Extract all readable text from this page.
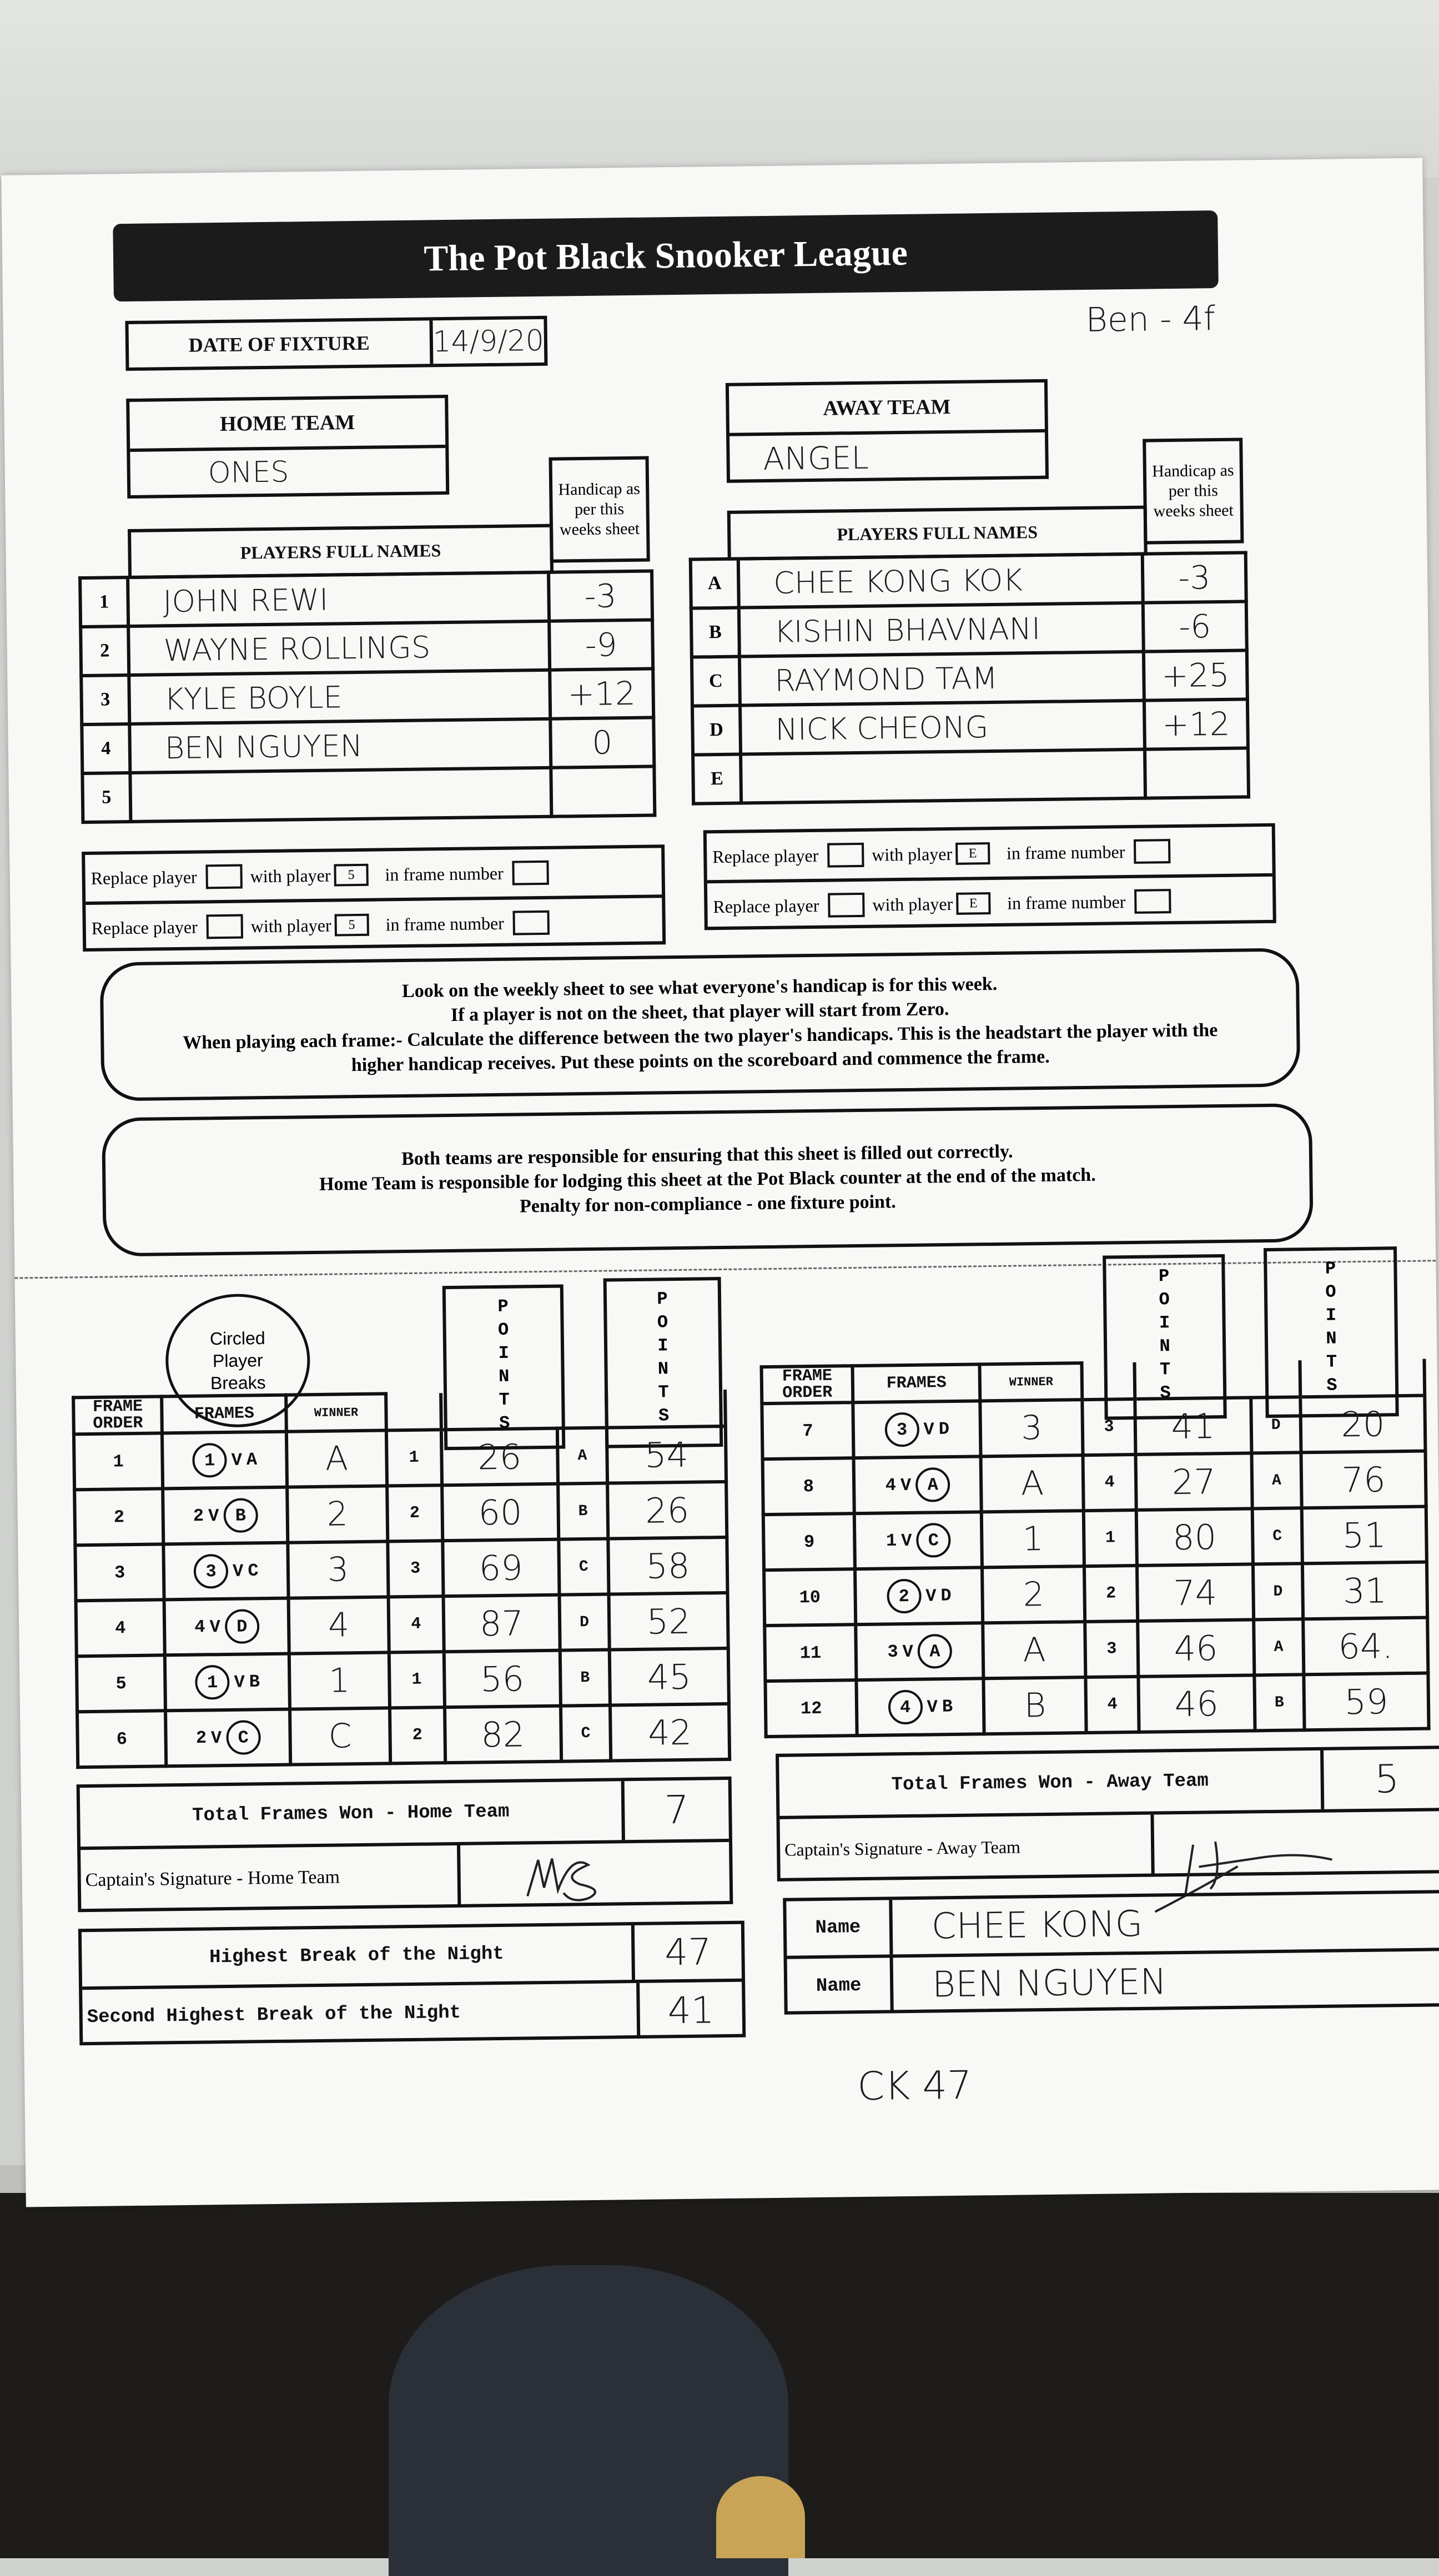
The Pot Black Snooker League
Ben - 4f
DATE OF FIXTURE	14/9/20
HOME TEAM
ONES
AWAY TEAM
ANGEL
Handicap as per this weeks sheet
PLAYERS FULL NAMES
1	JOHN REWI	-3
2	WAYNE ROLLINGS	-9
3	KYLE BOYLE	+12
4	BEN NGUYEN	0
5		
Handicap as per this weeks sheet
PLAYERS FULL NAMES
A	CHEE KONG KOK	-3
B	KISHIN BHAVNANI	-6
C	RAYMOND TAM	+25
D	NICK CHEONG	+12
E		
Replace player	with player	5	in frame number
Replace player	with player	5	in frame number
Replace player	with player	E	in frame number
Replace player	with player	E	in frame number
Look on the weekly sheet to see what everyone's handicap is for this week.
If a player is not on the sheet, that player will start from Zero.
When playing each frame:- Calculate the difference between the two player's handicaps. This is the headstart the player with the
higher handicap receives. Put these points on the scoreboard and commence the frame.
Both teams are responsible for ensuring that this sheet is filled out correctly.
Home Team is responsible for lodging this sheet at the Pot Black counter at the end of the match.
Penalty for non-compliance - one fixture point.
Circled Player Breaks
P
O
I
N
T
S
P
O
I
N
T
S
FRAME ORDER	FRAMES	WINNER				
1	1 V A	A	1	26	A	54
2	2 V B	2	2	60	B	26
3	3 V C	3	3	69	C	58
4	4 V D	4	4	87	D	52
5	1 V B	1	1	56	B	45
6	2 V C	C	2	82	C	42
P
O
I
N
T
S
P
O
I
N
T
S
FRAME ORDER	FRAMES	WINNER				
7	3 V D	3	3	41	D	20
8	4 V A	A	4	27	A	76
9	1 V C	1	1	80	C	51
10	2 V D	2	2	74	D	31
11	3 V A	A	3	46	A	64.
12	4 V B	B	4	46	B	59
Total Frames Won - Home Team	7
Captain's Signature - Home Team
Total Frames Won - Away Team	5
Captain's Signature - Away Team
Highest Break of the Night	47
Second Highest Break of the Night	41
Name	CHEE KONG
Name	BEN NGUYEN
CK 47
